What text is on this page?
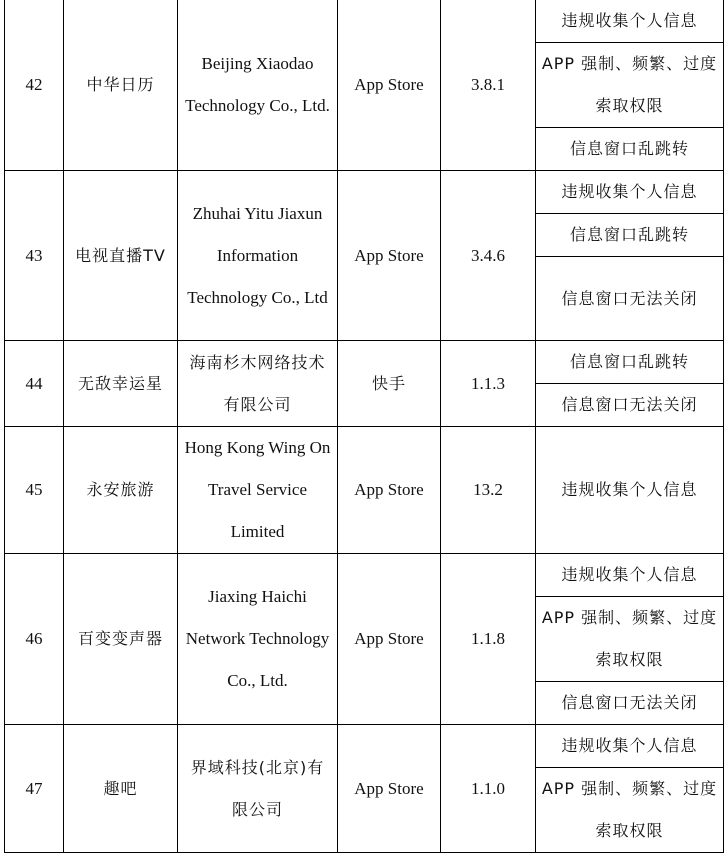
42	中华日历	Beijing Xiaodao Technology Co., Ltd.	App Store	3.8.1	违规收集个人信息
					APP 强制、频繁、过度索取权限

					信息窗口乱跳转
43	电视直播TV	Zhuhai Yitu Jiaxun Information Technology Co., Ltd	App Store	3.4.6	违规收集个人信息
					信息窗口乱跳转
					信息窗口无法关闭
44	无敌幸运星	海南杉木网络技术有限公司	快手	1.1.3	信息窗口乱跳转
					信息窗口无法关闭
45	永安旅游	Hong Kong Wing On Travel Service Limited	App Store	13.2	违规收集个人信息
46	百变变声器	Jiaxing Haichi Network Technology Co., Ltd.	App Store	1.1.8	违规收集个人信息
					APP 强制、频繁、过度索取权限
					信息窗口无法关闭
47	趣吧	界域科技(北京)有限公司	App Store	1.1.0	违规收集个人信息
					APP 强制、频繁、过度索取权限
